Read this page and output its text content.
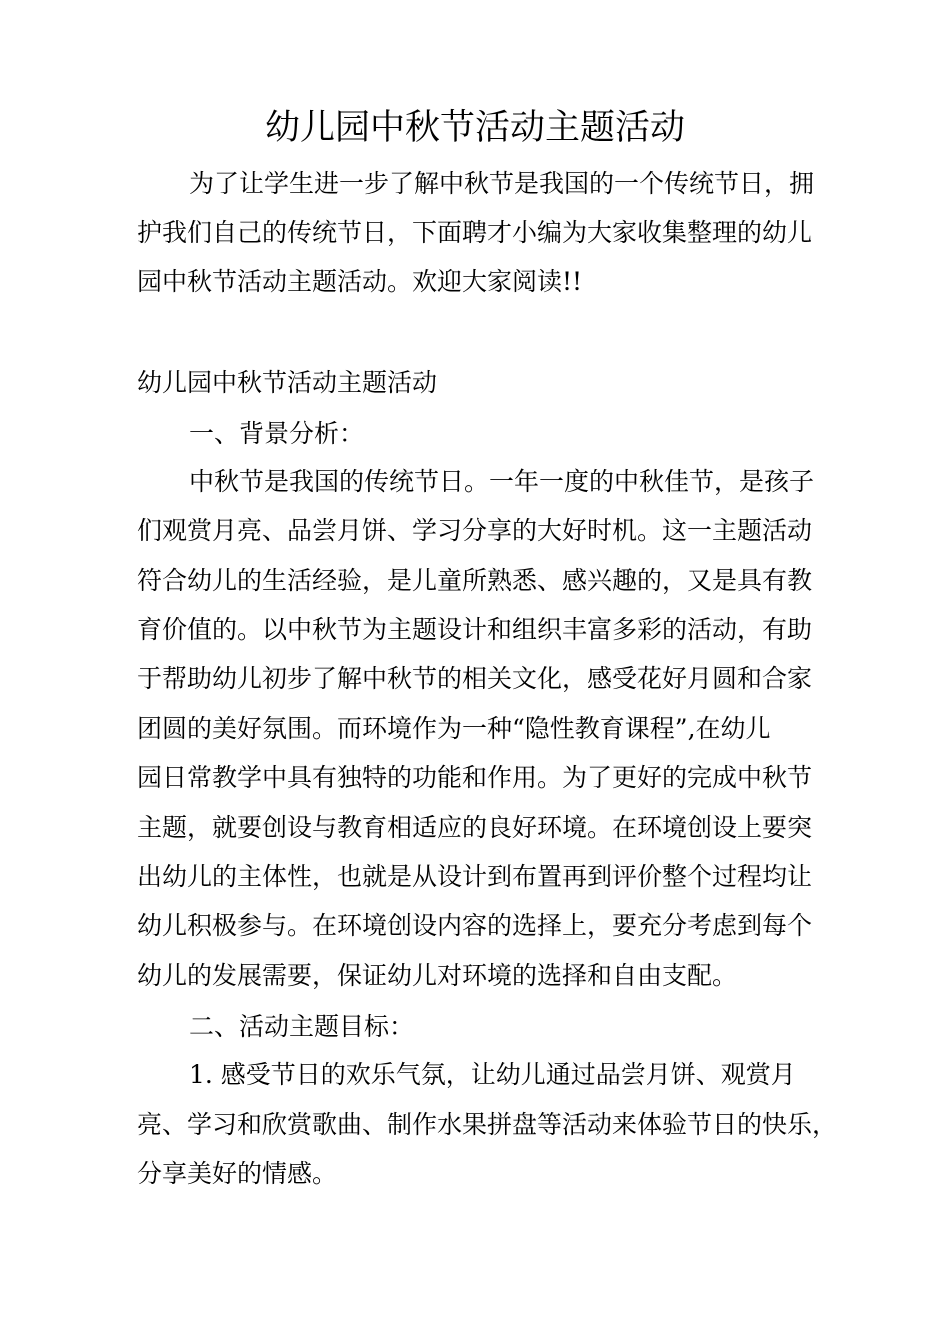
幼儿园中秋节活动主题活动
为了让学生进一步了解中秋节是我国的一个传统节日，拥
护我们自己的传统节日，下面聘才小编为大家收集整理的幼儿
园中秋节活动主题活动。欢迎大家阅读!!
幼儿园中秋节活动主题活动
一、背景分析：
中秋节是我国的传统节日。一年一度的中秋佳节，是孩子
们观赏月亮、品尝月饼、学习分享的大好时机。这一主题活动
符合幼儿的生活经验，是儿童所熟悉、感兴趣的，又是具有教
育价值的。以中秋节为主题设计和组织丰富多彩的活动，有助
于帮助幼儿初步了解中秋节的相关文化，感受花好月圆和合家
团圆的美好氛围。而环境作为一种“隐性教育课程”,在幼儿
园日常教学中具有独特的功能和作用。为了更好的完成中秋节
主题，就要创设与教育相适应的良好环境。在环境创设上要突
出幼儿的主体性，也就是从设计到布置再到评价整个过程均让
幼儿积极参与。在环境创设内容的选择上，要充分考虑到每个
幼儿的发展需要，保证幼儿对环境的选择和自由支配。
二、活动主题目标：
1. 感受节日的欢乐气氛，让幼儿通过品尝月饼、观赏月
亮、学习和欣赏歌曲、制作水果拼盘等活动来体验节日的快乐，
分享美好的情感。
